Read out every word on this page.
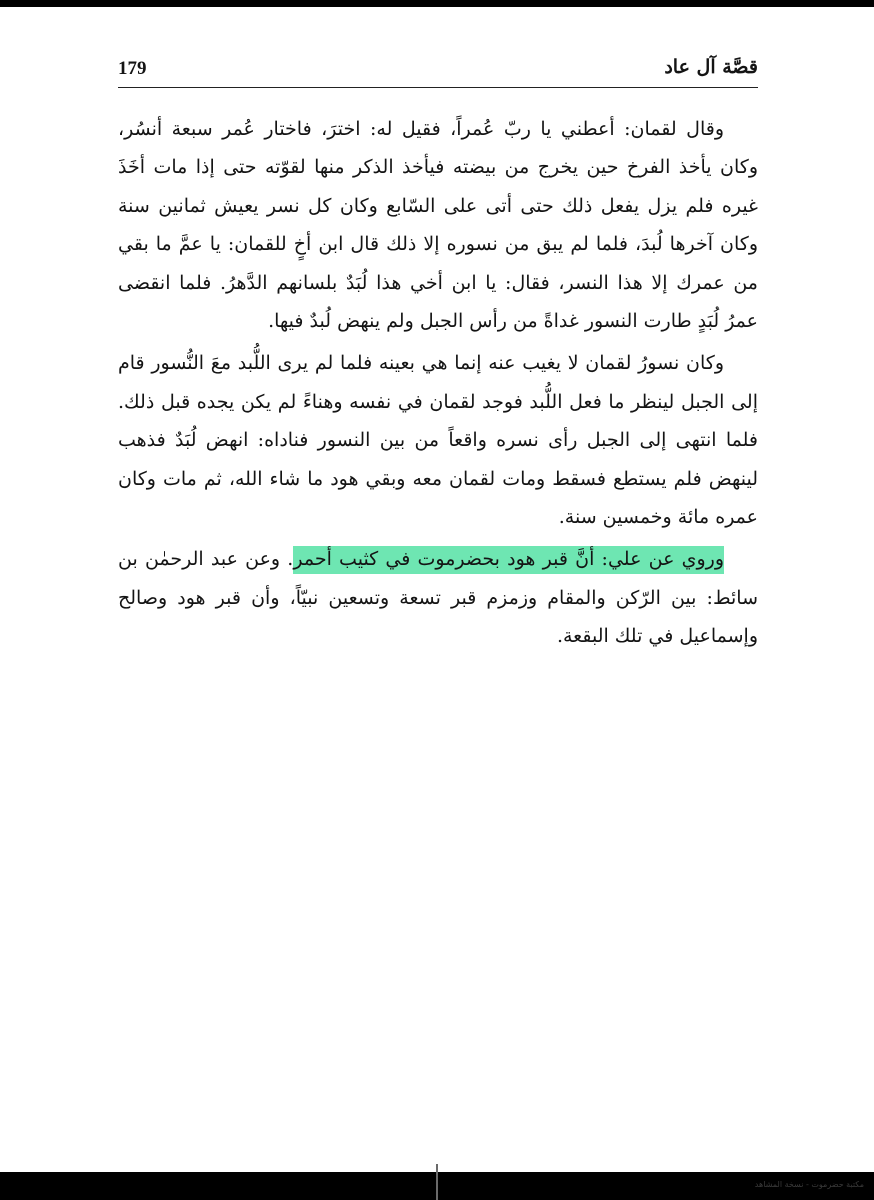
179	قصَّة آل عاد

وقال لقمان: أعطني يا ربّ عُمراً، فقيل له: اخترَ، فاختار عُمر سبعة أنسُر، وكان يأخذ الفرخ حين يخرج من بيضته فيأخذ الذكر منها لقوّته حتى إذا مات أخَذَ غيره فلم يزل يفعل ذلك حتى أتى على السّابع وكان كل نسر يعيش ثمانين سنة وكان آخرها لُبدَ، فلما لم يبق من نسوره إلا ذلك قال ابن أخٍ للقمان: يا عمَّ ما بقي من عمرك إلا هذا النسر، فقال: يا ابن أخي هذا لُبَدٌ بلسانهم الدَّهرُ. فلما انقضى عمرُ لُبَدٍ طارت النسور غداةً من رأس الجبل ولم ينهض لُبدٌ فيها.

وكان نسورُ لقمان لا يغيب عنه إنما هي بعينه فلما لم يرى اللُّبد معَ النُّسور قام إلى الجبل لينظر ما فعل اللُّبد فوجد لقمان في نفسه وهناءً لم يكن يجده قبل ذلك. فلما انتهى إلى الجبل رأى نسره واقعاً من بين النسور فناداه: انهض لُبَدٌ فذهب لينهض فلم يستطع فسقط ومات لقمان معه وبقي هود ما شاء الله، ثم مات وكان عمره مائة وخمسين سنة.

وروي عن علي: أنَّ قبر هود بحضرموت في كثيب أحمر. وعن عبد الرحمٰن بن سائط: بين الرّكن والمقام وزمزم قبر تسعة وتسعين نبيّاً، وأن قبر هود وصالح وإسماعيل في تلك البقعة.

مكتبة حضرموت - نسخة المشاهد
